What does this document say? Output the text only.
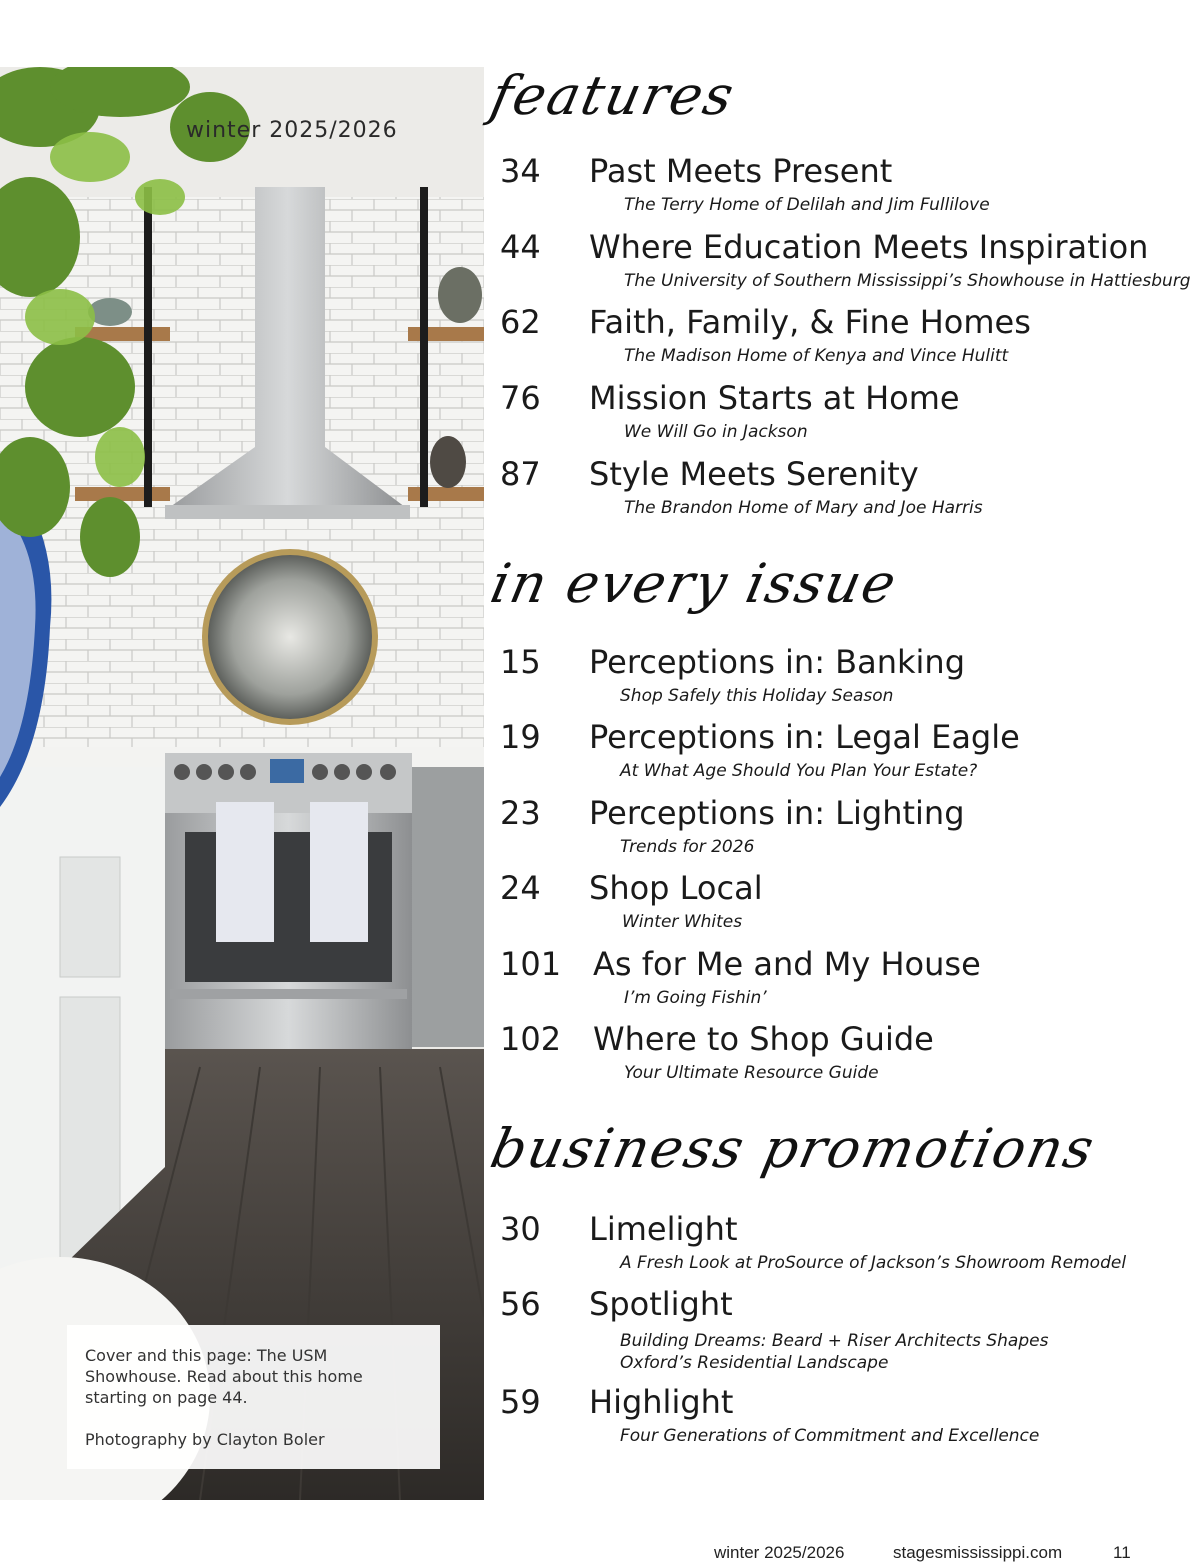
winter 2025/2026

Cover and this page: The USM Showhouse. Read about this home starting on page 44.

Photography by Clayton Boler

features
34 Past Meets Present
The Terry Home of Delilah and Jim Fullilove
44 Where Education Meets Inspiration
The University of Southern Mississippi’s Showhouse in Hattiesburg
62 Faith, Family, & Fine Homes
The Madison Home of Kenya and Vince Hulitt
76 Mission Starts at Home
We Will Go in Jackson
87 Style Meets Serenity
The Brandon Home of Mary and Joe Harris
in every issue
15 Perceptions in: Banking
Shop Safely this Holiday Season
19 Perceptions in: Legal Eagle
At What Age Should You Plan Your Estate?
23 Perceptions in: Lighting
Trends for 2026
24 Shop Local
Winter Whites
101 As for Me and My House
I’m Going Fishin’
102 Where to Shop Guide
Your Ultimate Resource Guide
business promotions
30 Limelight
A Fresh Look at ProSource of Jackson’s Showroom Remodel
56 Spotlight
Building Dreams: Beard + Riser Architects Shapes Oxford’s Residential Landscape
59 Highlight
Four Generations of Commitment and Excellence
winter 2025/2026	stagesmississippi.com	11
